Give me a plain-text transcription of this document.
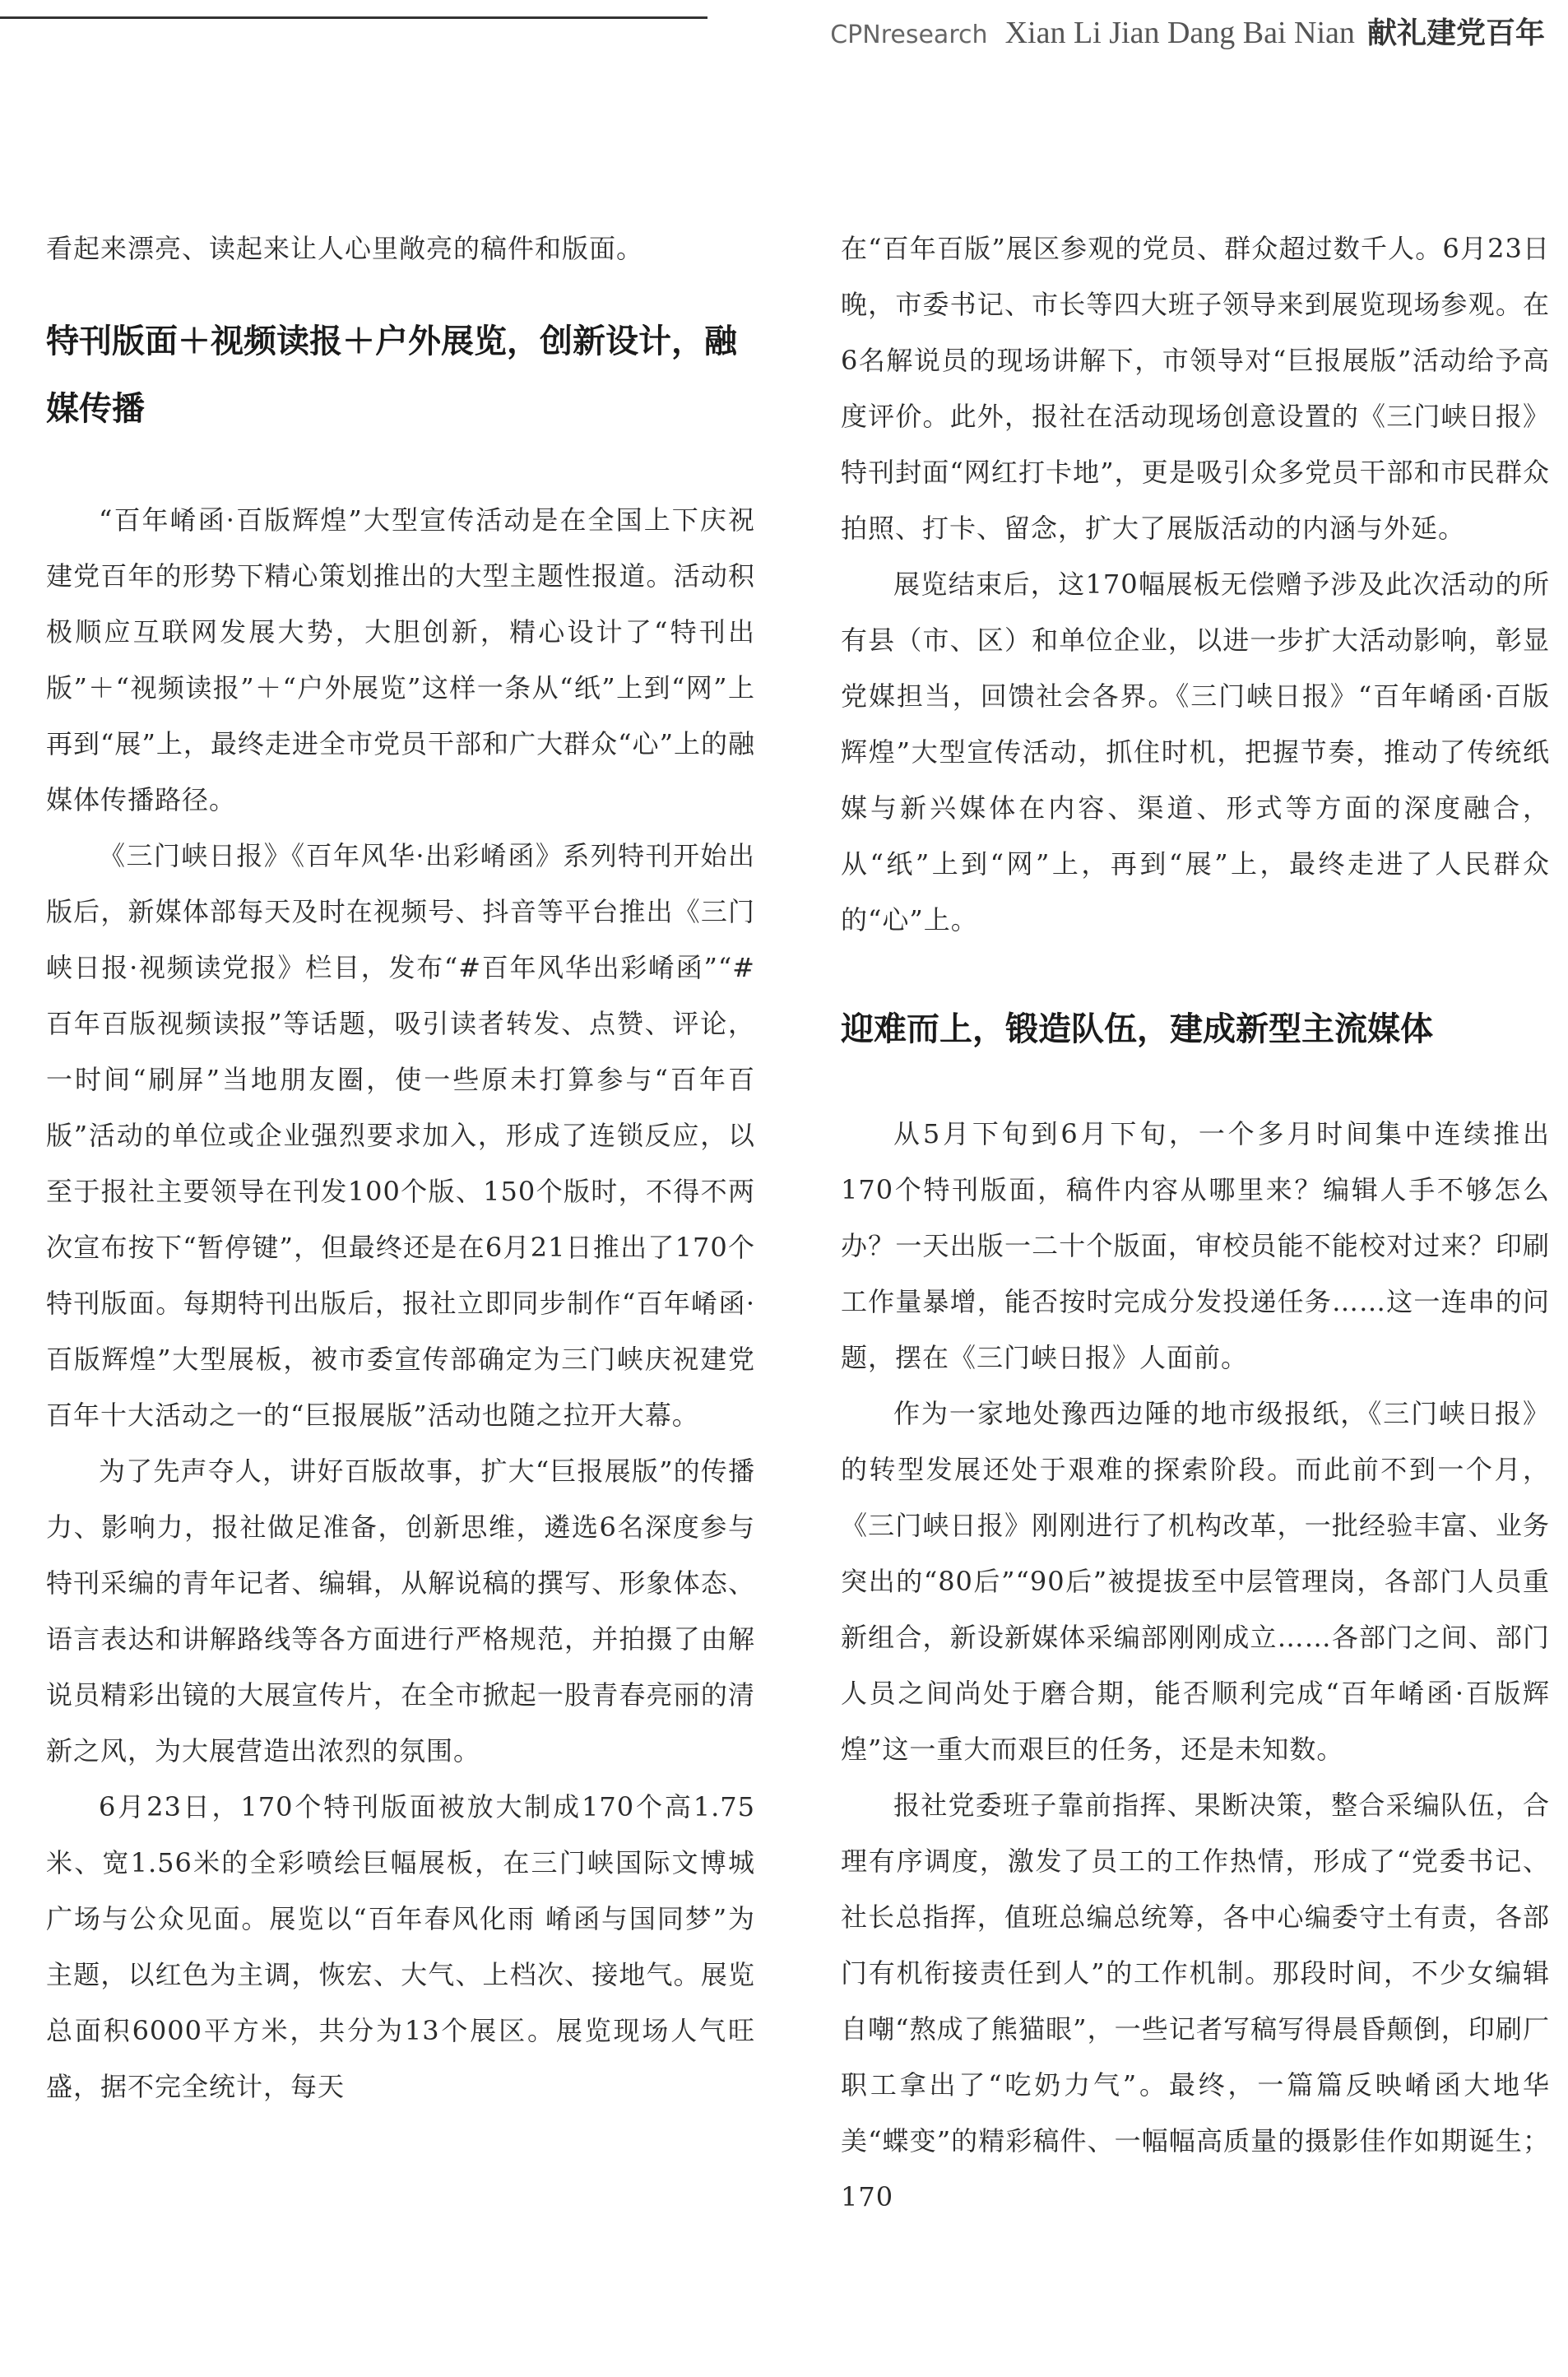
CPNresearch Xian Li Jian Dang Bai Nian 献礼建党百年

看起来漂亮、读起来让人心里敞亮的稿件和版面。

特刊版面＋视频读报＋户外展览，创新设计，融媒传播

“百年崤函·百版辉煌”大型宣传活动是在全国上下庆祝建党百年的形势下精心策划推出的大型主题性报道。活动积极顺应互联网发展大势，大胆创新，精心设计了“特刊出版”＋“视频读报”＋“户外展览”这样一条从“纸”上到“网”上再到“展”上，最终走进全市党员干部和广大群众“心”上的融媒体传播路径。

《三门峡日报》《百年风华·出彩崤函》系列特刊开始出版后，新媒体部每天及时在视频号、抖音等平台推出《三门峡日报·视频读党报》栏目，发布“#百年风华出彩崤函”“#百年百版视频读报”等话题，吸引读者转发、点赞、评论，一时间“刷屏”当地朋友圈，使一些原未打算参与“百年百版”活动的单位或企业强烈要求加入，形成了连锁反应，以至于报社主要领导在刊发100个版、150个版时，不得不两次宣布按下“暂停键”，但最终还是在6月21日推出了170个特刊版面。每期特刊出版后，报社立即同步制作“百年崤函·百版辉煌”大型展板，被市委宣传部确定为三门峡庆祝建党百年十大活动之一的“巨报展版”活动也随之拉开大幕。

为了先声夺人，讲好百版故事，扩大“巨报展版”的传播力、影响力，报社做足准备，创新思维，遴选6名深度参与特刊采编的青年记者、编辑，从解说稿的撰写、形象体态、语言表达和讲解路线等各方面进行严格规范，并拍摄了由解说员精彩出镜的大展宣传片，在全市掀起一股青春亮丽的清新之风，为大展营造出浓烈的氛围。

6月23日，170个特刊版面被放大制成170个高1.75米、宽1.56米的全彩喷绘巨幅展板，在三门峡国际文博城广场与公众见面。展览以“百年春风化雨 崤函与国同梦”为主题，以红色为主调，恢宏、大气、上档次、接地气。展览总面积6000平方米，共分为13个展区。展览现场人气旺盛，据不完全统计，每天

在“百年百版”展区参观的党员、群众超过数千人。6月23日晚，市委书记、市长等四大班子领导来到展览现场参观。在6名解说员的现场讲解下，市领导对“巨报展版”活动给予高度评价。此外，报社在活动现场创意设置的《三门峡日报》特刊封面“网红打卡地”，更是吸引众多党员干部和市民群众拍照、打卡、留念，扩大了展版活动的内涵与外延。

展览结束后，这170幅展板无偿赠予涉及此次活动的所有县（市、区）和单位企业，以进一步扩大活动影响，彰显党媒担当，回馈社会各界。《三门峡日报》“百年崤函·百版辉煌”大型宣传活动，抓住时机，把握节奏，推动了传统纸媒与新兴媒体在内容、渠道、形式等方面的深度融合，从“纸”上到“网”上，再到“展”上，最终走进了人民群众的“心”上。

迎难而上，锻造队伍，建成新型主流媒体

从5月下旬到6月下旬，一个多月时间集中连续推出170个特刊版面，稿件内容从哪里来？编辑人手不够怎么办？一天出版一二十个版面，审校员能不能校对过来？印刷工作量暴增，能否按时完成分发投递任务……这一连串的问题，摆在《三门峡日报》人面前。

作为一家地处豫西边陲的地市级报纸，《三门峡日报》的转型发展还处于艰难的探索阶段。而此前不到一个月，《三门峡日报》刚刚进行了机构改革，一批经验丰富、业务突出的“80后”“90后”被提拔至中层管理岗，各部门人员重新组合，新设新媒体采编部刚刚成立……各部门之间、部门人员之间尚处于磨合期，能否顺利完成“百年崤函·百版辉煌”这一重大而艰巨的任务，还是未知数。

报社党委班子靠前指挥、果断决策，整合采编队伍，合理有序调度，激发了员工的工作热情，形成了“党委书记、社长总指挥，值班总编总统筹，各中心编委守土有责，各部门有机衔接责任到人”的工作机制。那段时间，不少女编辑自嘲“熬成了熊猫眼”，一些记者写稿写得晨昏颠倒，印刷厂职工拿出了“吃奶力气”。最终，一篇篇反映崤函大地华美“蝶变”的精彩稿件、一幅幅高质量的摄影佳作如期诞生；170
